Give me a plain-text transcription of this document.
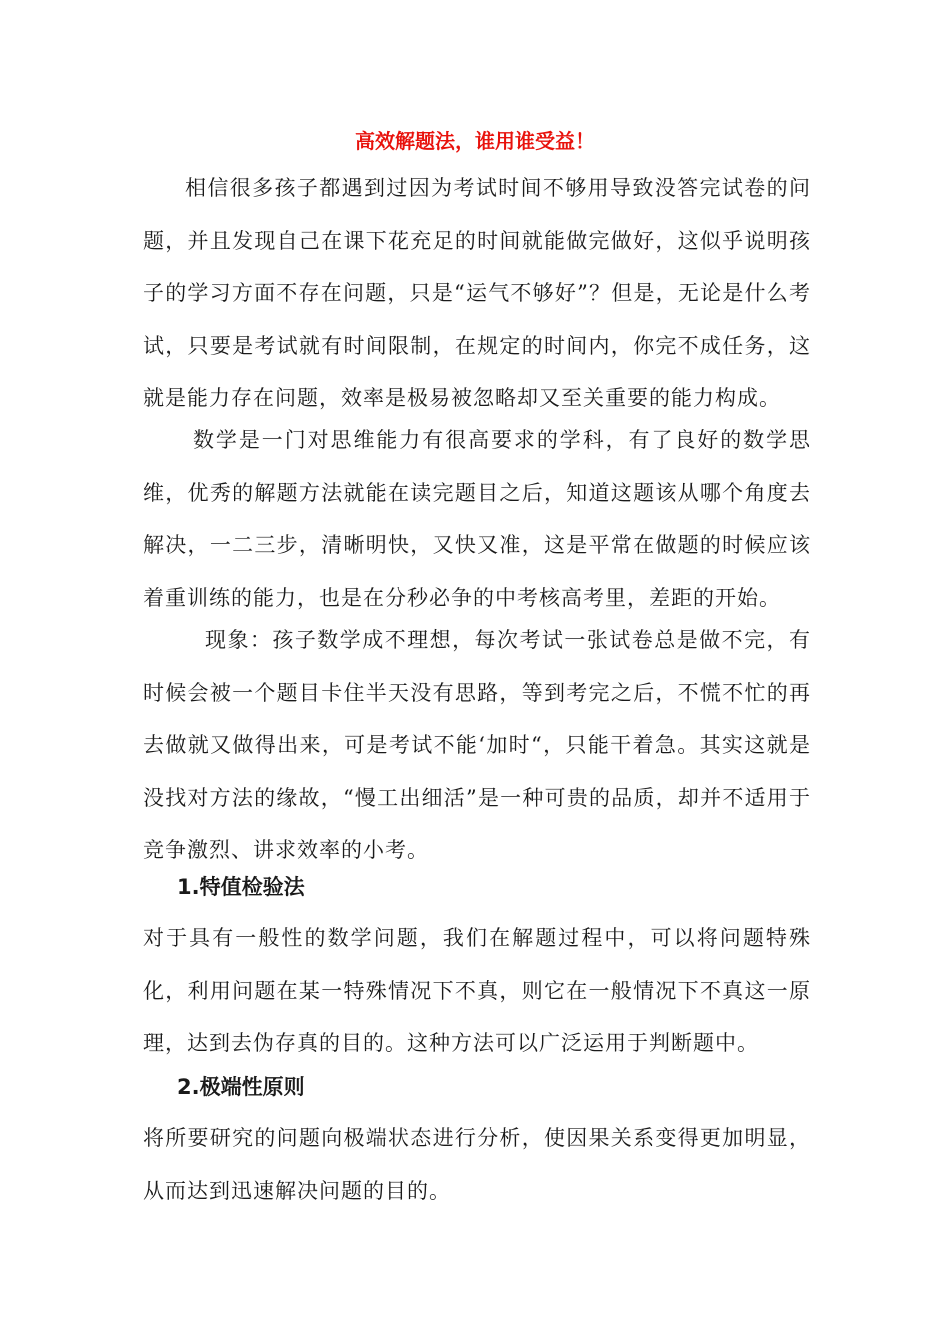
高效解题法，谁用谁受益！

相信很多孩子都遇到过因为考试时间不够用导致没答完试卷的问题，并且发现自己在课下花充足的时间就能做完做好，这似乎说明孩子的学习方面不存在问题，只是“运气不够好”？但是，无论是什么考试，只要是考试就有时间限制，在规定的时间内，你完不成任务，这就是能力存在问题，效率是极易被忽略却又至关重要的能力构成。

数学是一门对思维能力有很高要求的学科，有了良好的数学思维，优秀的解题方法就能在读完题目之后，知道这题该从哪个角度去解决，一二三步，清晰明快，又快又准，这是平常在做题的时候应该着重训练的能力，也是在分秒必争的中考核高考里，差距的开始。

现象：孩子数学成不理想，每次考试一张试卷总是做不完，有时候会被一个题目卡住半天没有思路，等到考完之后，不慌不忙的再去做就又做得出来，可是考试不能‘加时“，只能干着急。其实这就是没找对方法的缘故，“慢工出细活”是一种可贵的品质，却并不适用于竞争激烈、讲求效率的小考。

1.特值检验法

对于具有一般性的数学问题，我们在解题过程中，可以将问题特殊化，利用问题在某一特殊情况下不真，则它在一般情况下不真这一原理，达到去伪存真的目的。这种方法可以广泛运用于判断题中。

2.极端性原则

将所要研究的问题向极端状态进行分析，使因果关系变得更加明显，从而达到迅速解决问题的目的。
